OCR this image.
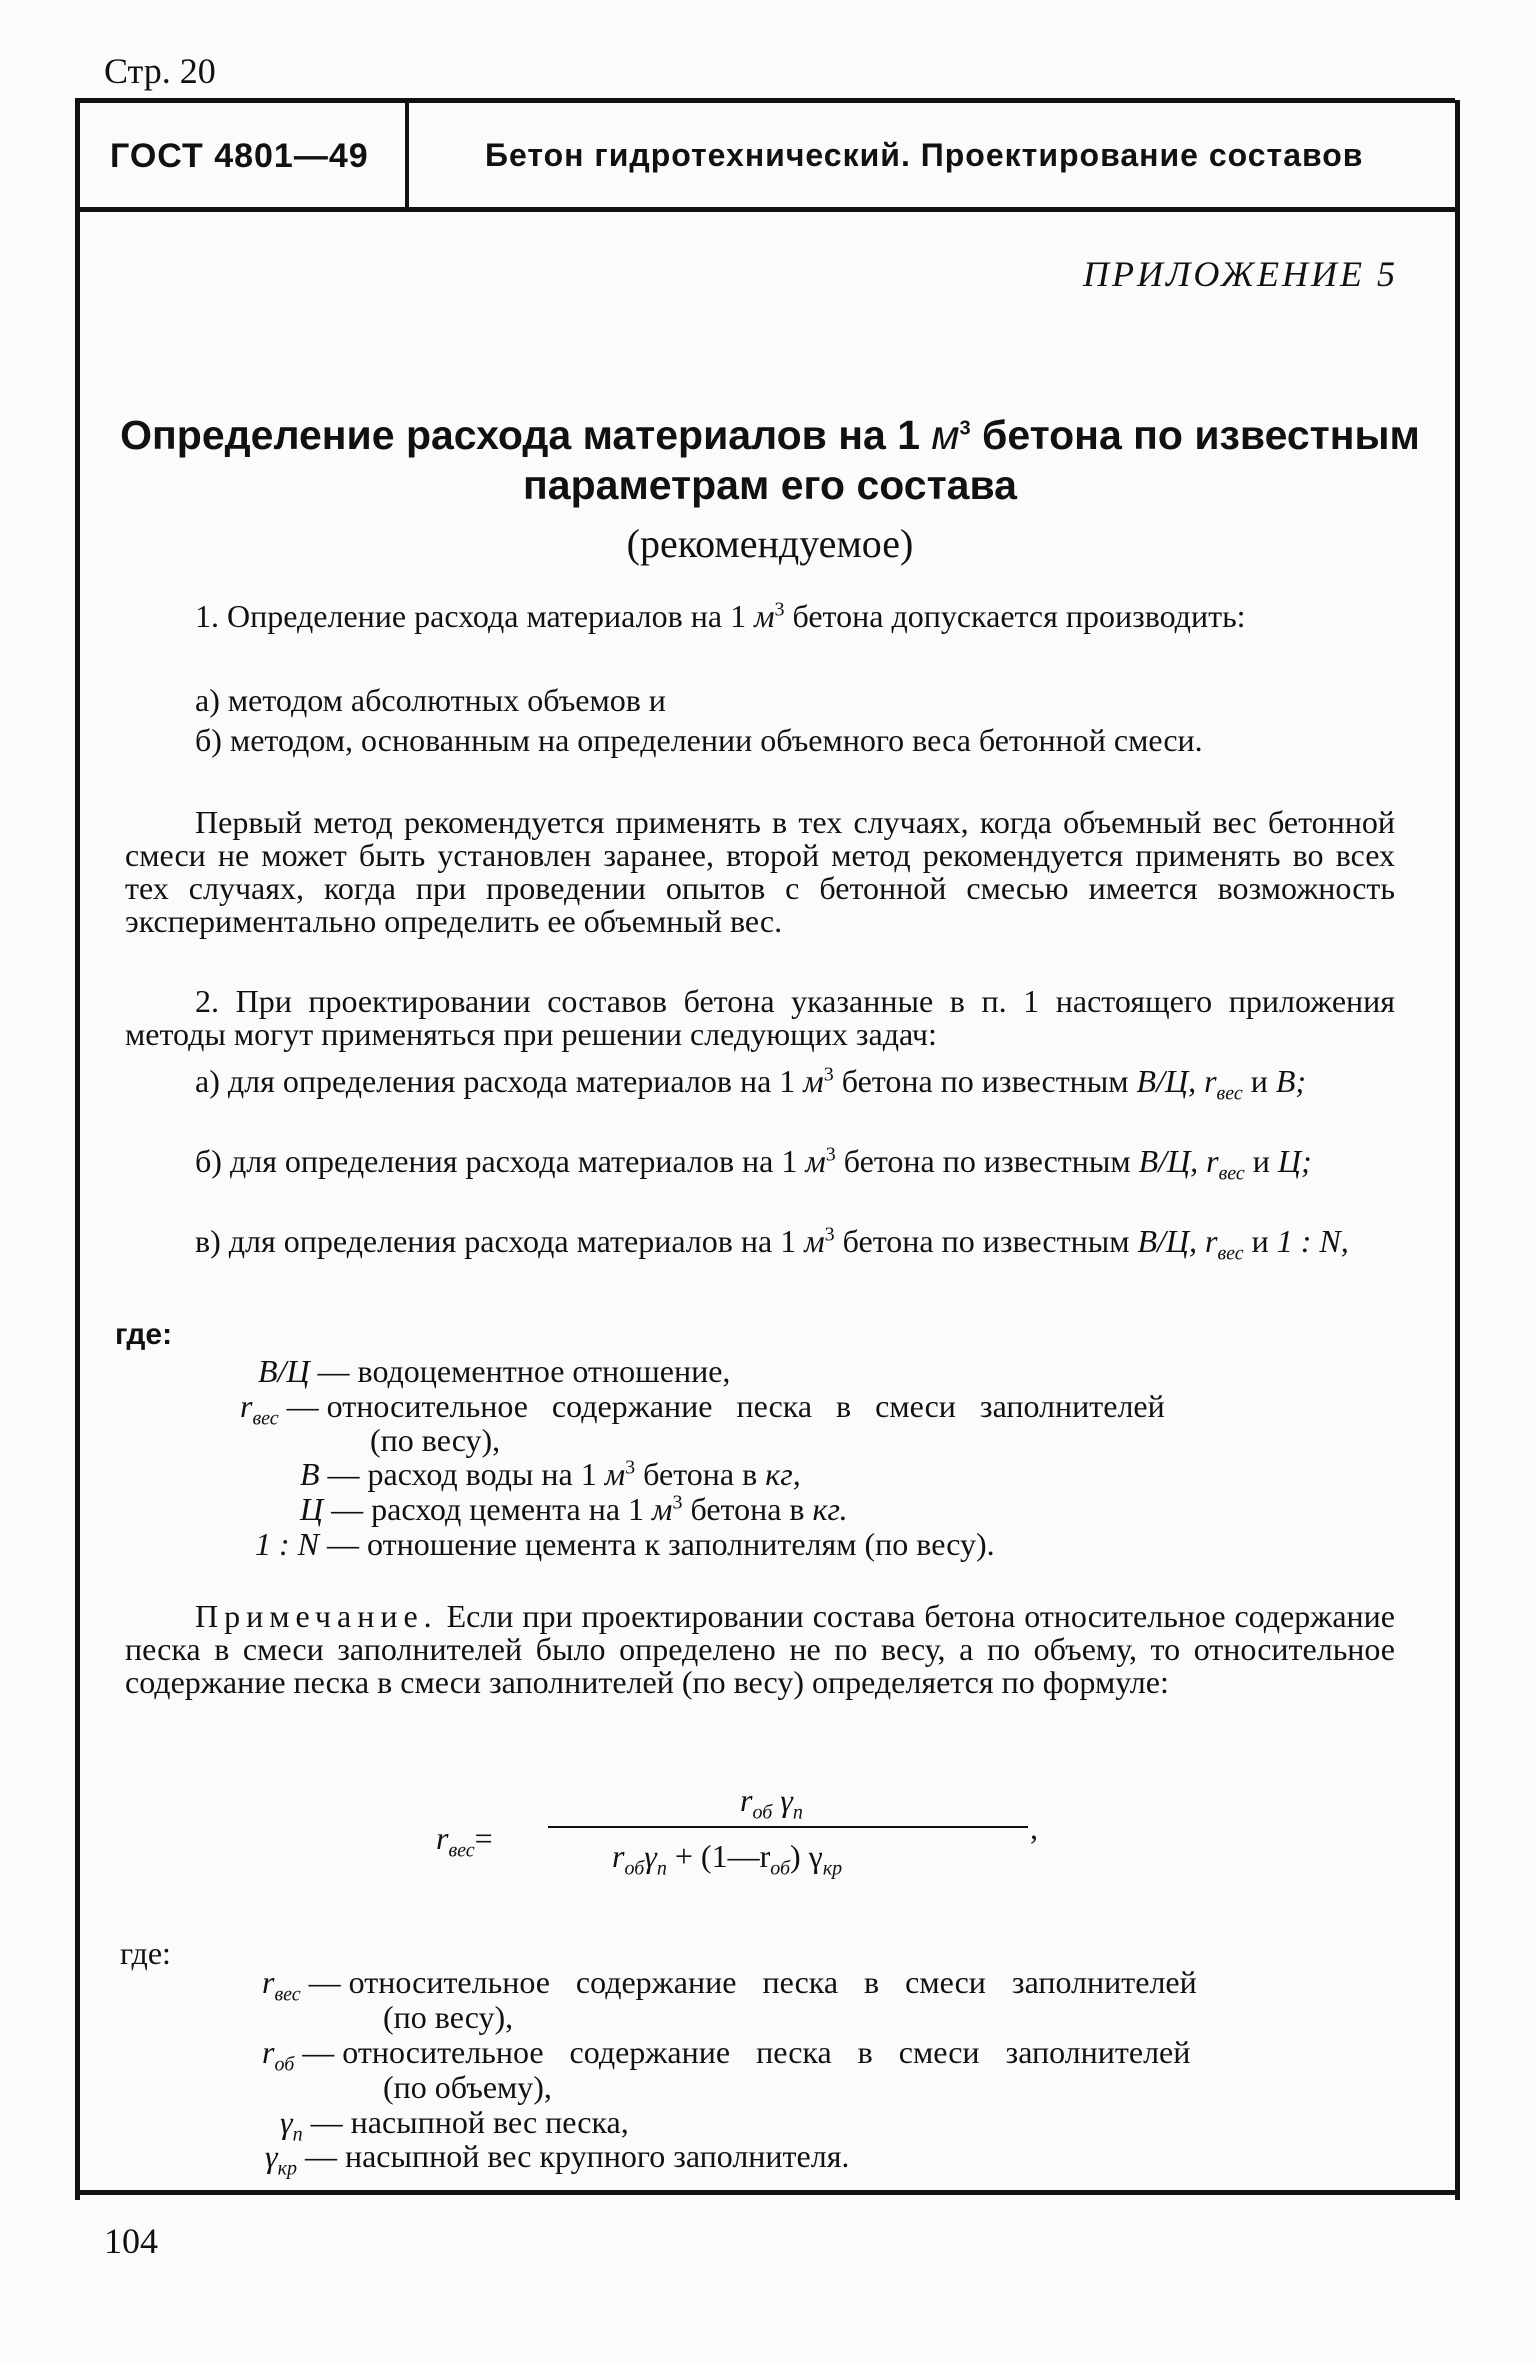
Стр. 20
ГОСТ 4801—49	Бетон гидротехнический. Проектирование составов
ПРИЛОЖЕНИЕ 5
Определение расхода материалов на 1 $м^3$ бетона по известным
параметрам его состава
(рекомендуемое)
1. Определение расхода материалов на 1 $м^3$ бетона допускается производить:
а) методом абсолютных объемов и
б) методом, основанным на определении объемного веса бетонной смеси.
Первый метод рекомендуется применять в тех случаях, когда объемный вес бетонной смеси не может быть установлен заранее, второй метод рекомендуется применять во всех тех случаях, когда при проведении опытов с бетонной смесью имеется возможность экспериментально определить ее объемный вес.
2. При проектировании составов бетона указанные в п. 1 настоящего приложения методы могут применяться при решении следующих задач:
а) для определения расхода материалов на 1 $м^3$ бетона по известным В/Ц, $r_{вес}$ и В;
б) для определения расхода материалов на 1 $м^3$ бетона по известным В/Ц, $r_{вес}$ и Ц;
в) для определения расхода материалов на 1 $м^3$ бетона по известным В/Ц, $r_{вес}$ и 1 : N,
где:
В/Ц — водоцементное отношение,
$r_{вес}$ — относительное содержание песка в смеси заполнителей
(по весу),
В — расход воды на 1 $м^3$ бетона в кг,
Ц — расход цемента на 1 $м^3$ бетона в кг.
1 : N — отношение цемента к заполнителям (по весу).
Примечание. Если при проектировании состава бетона относительное содержание песка в смеси заполнителей было определено не по весу, а по объему, то относительное содержание песка в смеси заполнителей (по весу) определяется по формуле:
$r_{вес}=$
$r_{об}$ $\gamma_п$
$r_{об}\gamma_п$ + $(1—r_{об})$ $\gamma_{кр}$
,
где:
$r_{вес}$ — относительное содержание песка в смеси заполнителей
(по весу),
$r_{об}$ — относительное содержание песка в смеси заполнителей
(по объему),
$\gamma_п$ — насыпной вес песка,
$\gamma_{кр}$ — насыпной вес крупного заполнителя.
104
